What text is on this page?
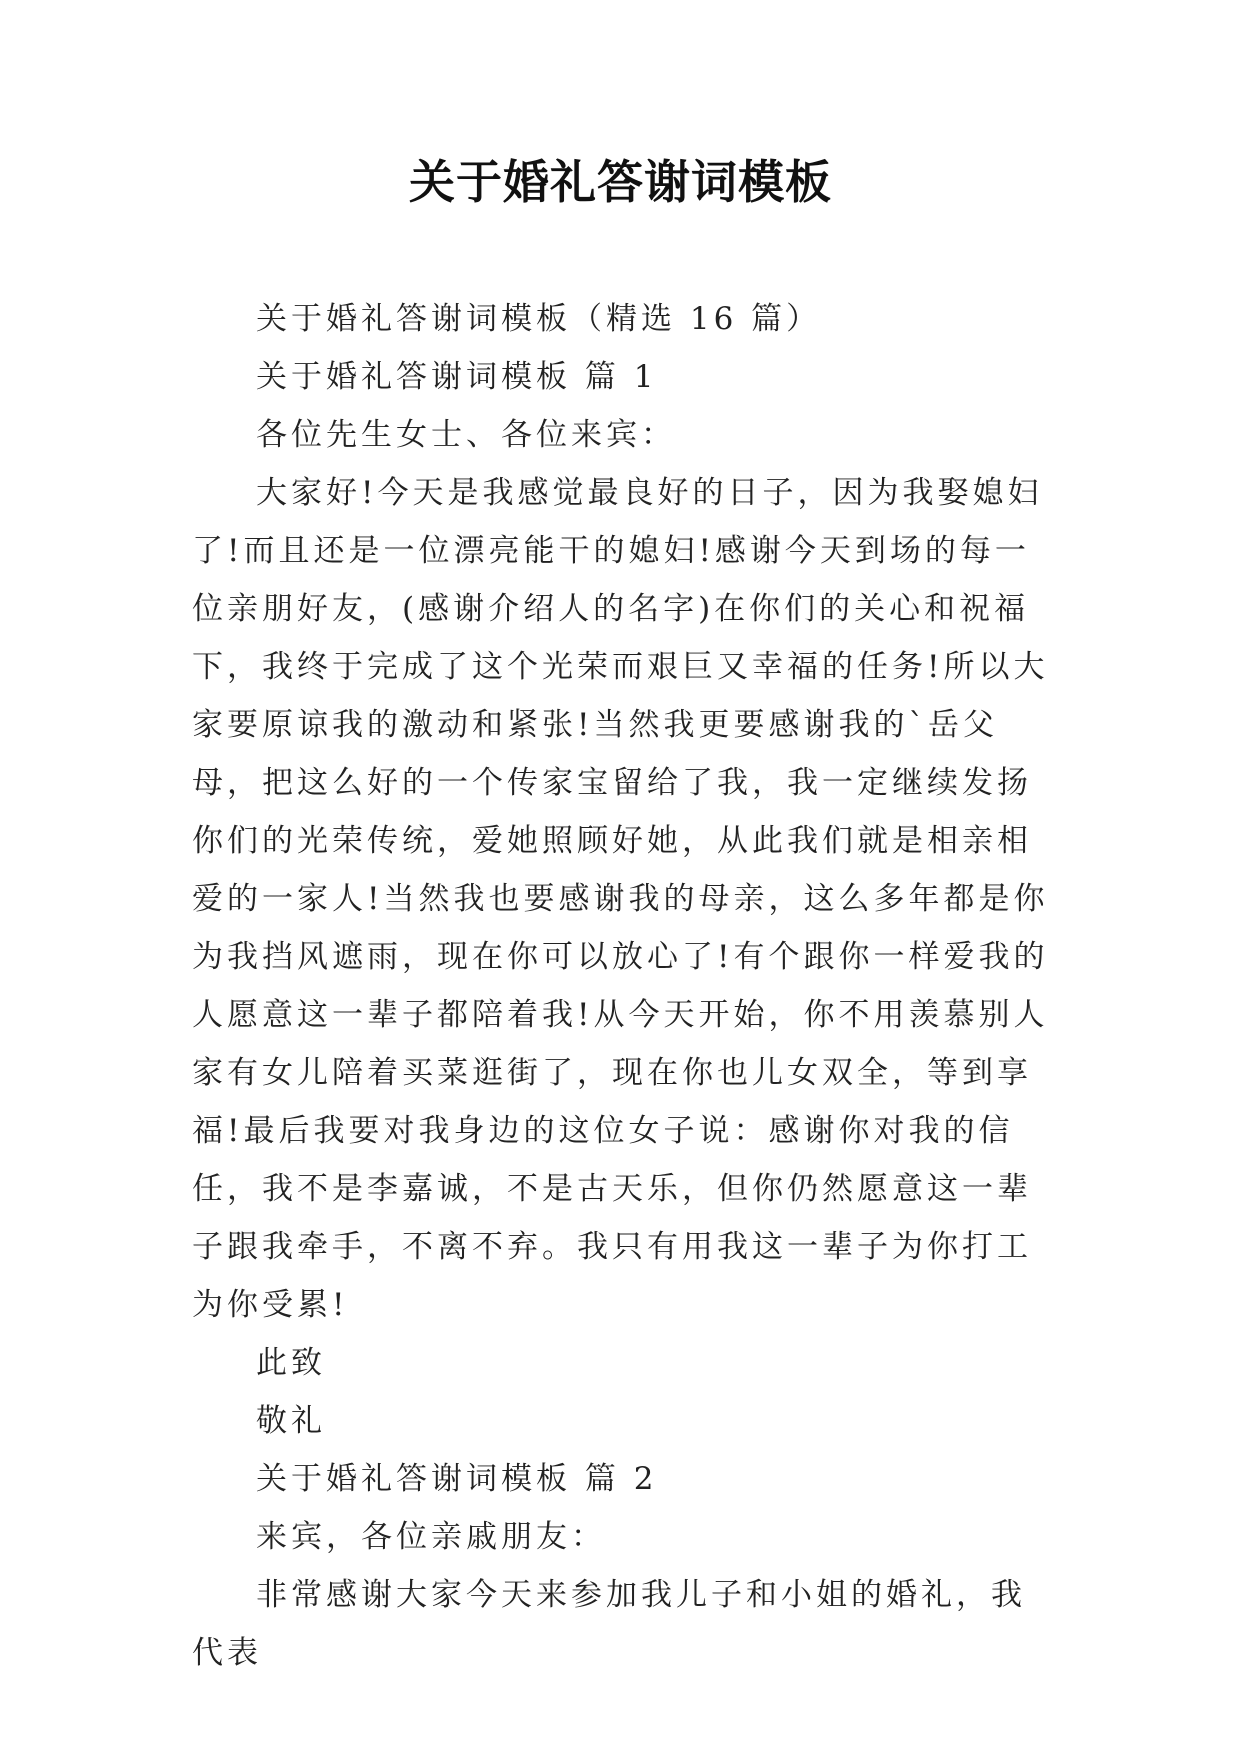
关于婚礼答谢词模板

关于婚礼答谢词模板（精选 16 篇）

关于婚礼答谢词模板 篇 1

各位先生女士、各位来宾：

大家好!今天是我感觉最良好的日子，因为我娶媳妇了!而且还是一位漂亮能干的媳妇!感谢今天到场的每一位亲朋好友，(感谢介绍人的名字)在你们的关心和祝福下，我终于完成了这个光荣而艰巨又幸福的任务!所以大家要原谅我的激动和紧张!当然我更要感谢我的`岳父母，把这么好的一个传家宝留给了我，我一定继续发扬你们的光荣传统，爱她照顾好她，从此我们就是相亲相爱的一家人!当然我也要感谢我的母亲，这么多年都是你为我挡风遮雨，现在你可以放心了!有个跟你一样爱我的人愿意这一辈子都陪着我!从今天开始，你不用羡慕别人家有女儿陪着买菜逛街了，现在你也儿女双全，等到享福!最后我要对我身边的这位女子说：感谢你对我的信任，我不是李嘉诚，不是古天乐，但你仍然愿意这一辈子跟我牵手，不离不弃。我只有用我这一辈子为你打工为你受累!

此致

敬礼

关于婚礼答谢词模板 篇 2

来宾，各位亲戚朋友：

非常感谢大家今天来参加我儿子和小姐的婚礼，我代表
